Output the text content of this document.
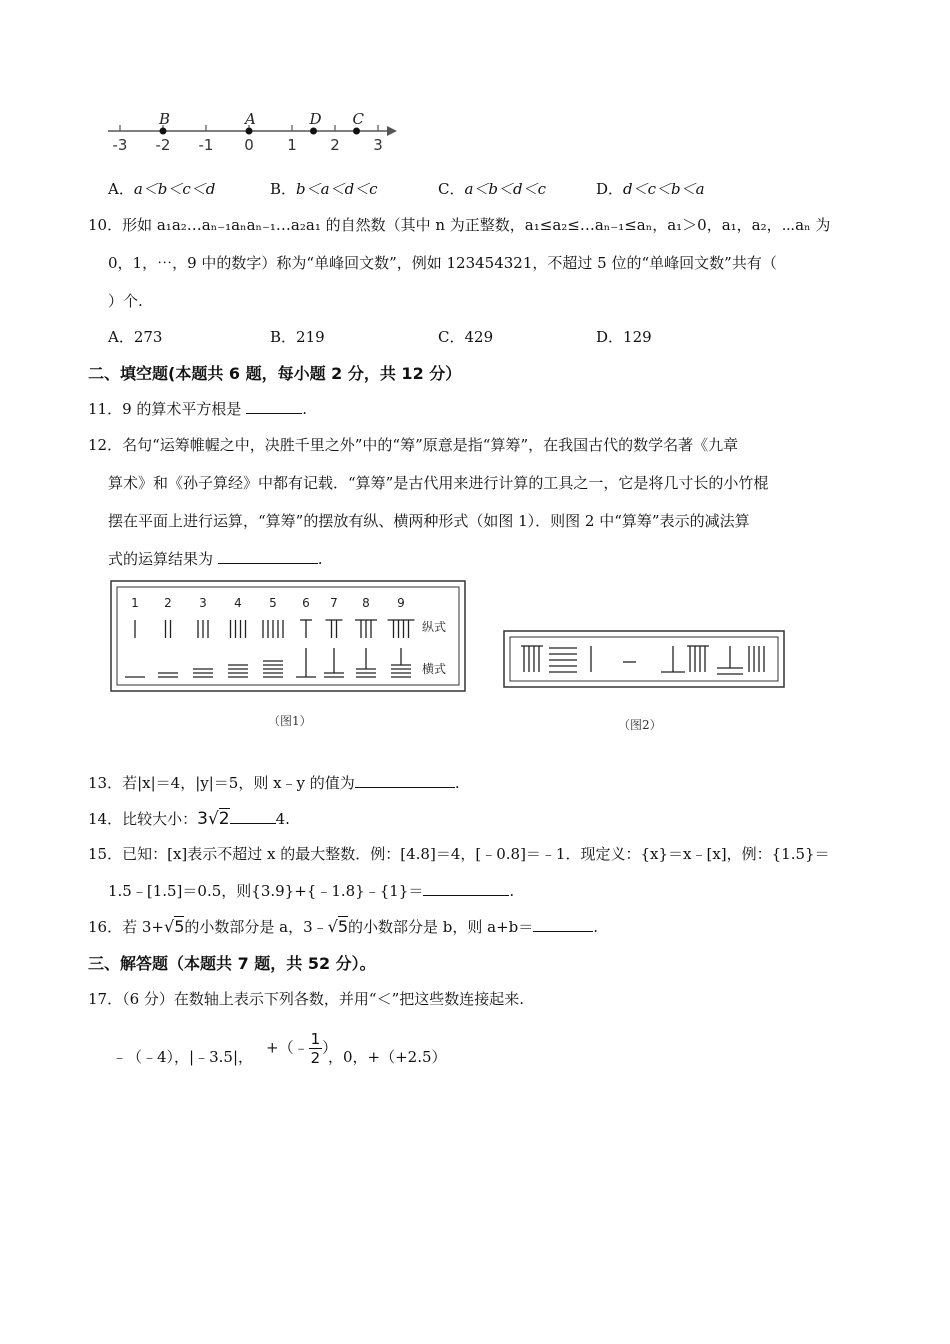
-3 -2 -1 0 1 2 3
B	A	D C
A．a＜b＜c＜d	B．b＜a＜d＜c	C．a＜b＜d＜c	D．d＜c＜b＜a
10．形如 a₁a₂…aₙ₋₁aₙaₙ₋₁…a₂a₁ 的自然数（其中 n 为正整数，a₁≤a₂≤…aₙ₋₁≤aₙ，a₁＞0，a₁，a₂，⋯aₙ 为
0，1，⋯，9 中的数字）称为“单峰回文数”，例如 123454321，不超过 5 位的“单峰回文数”共有（
）个.
A．273	B．219	C．429	D．129
二、填空题(本题共 6 题，每小题 2 分，共 12 分）
11．9 的算术平方根是	.
12．名句“运筹帷幄之中，决胜千里之外”中的“筹”原意是指“算筹”，在我国古代的数学名著《九章
算术》和《孙子算经》中都有记载．“算筹”是古代用来进行计算的工具之一，它是将几寸长的小竹棍
摆在平面上进行运算，“算筹”的摆放有纵、横两种形式（如图 1）．则图 2 中“算筹”表示的减法算
式的运算结果为	.
1 2 3 4 5 6 7 8 9
纵式
横式
（图1）	（图2）
13．若|x|＝4，|y|＝5，则 x﹣y 的值为	.
14．比较大小：3√2	4.
15．已知：[x]表示不超过 x 的最大整数．例：[4.8]＝4，[﹣0.8]＝﹣1．现定义：{x}＝x﹣[x]，例：{1.5}＝
1.5﹣[1.5]＝0.5，则{3.9}+{﹣1.8}﹣{1}＝	.
16．若 3+√5的小数部分是 a，3﹣√5的小数部分是 b，则 a+b＝	.
三、解答题（本题共 7 题，共 52 分）。
17．（6 分）在数轴上表示下列各数，并用“＜”把这些数连接起来.
﹣（﹣4），|﹣3.5|，
+（﹣ $\frac{1}{2}$ ）
，0，+（+2.5）
